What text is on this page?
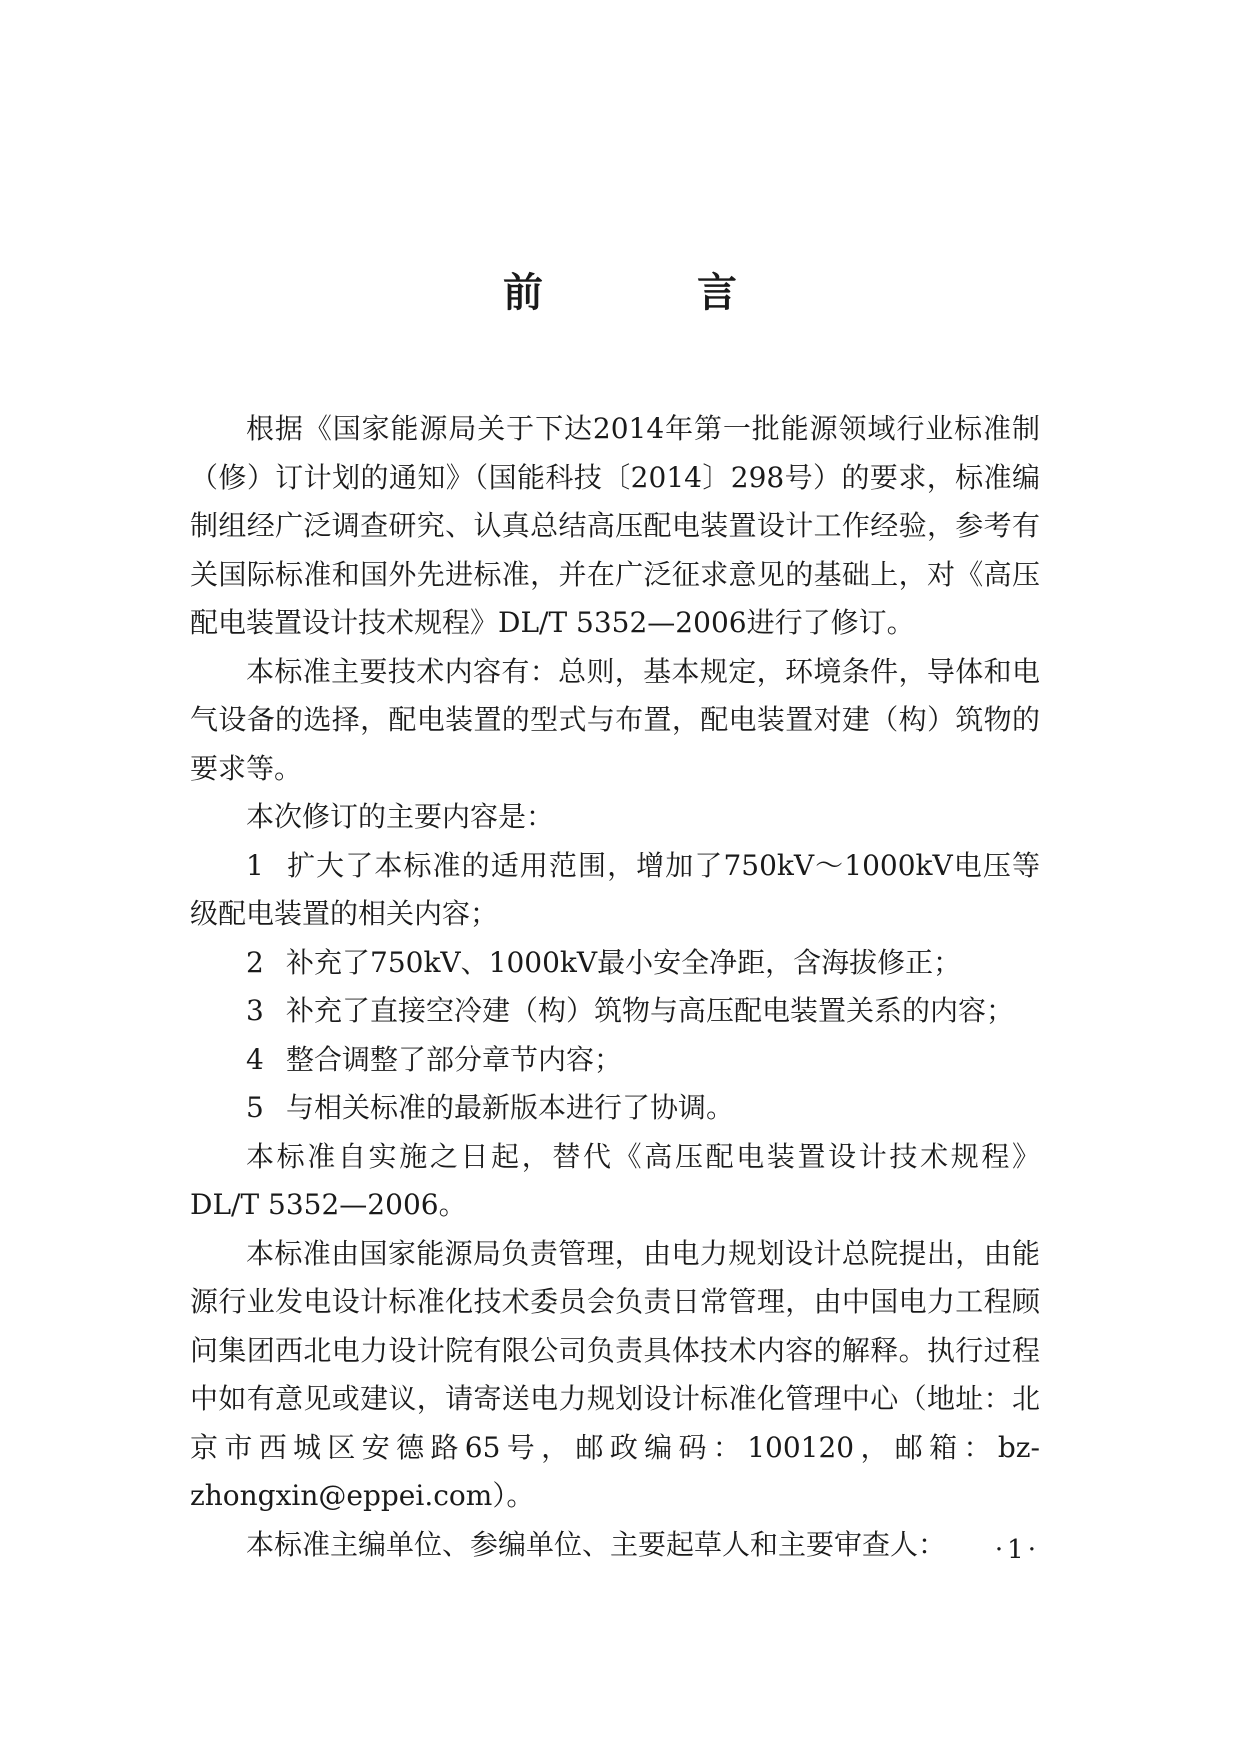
前 言

根据《国家能源局关于下达2014年第一批能源领域行业标准制（修）订计划的通知》（国能科技〔2014〕298号）的要求，标准编制组经广泛调查研究、认真总结高压配电装置设计工作经验，参考有关国际标准和国外先进标准，并在广泛征求意见的基础上，对《高压配电装置设计技术规程》DL/T 5352—2006进行了修订。

本标准主要技术内容有：总则，基本规定，环境条件，导体和电气设备的选择，配电装置的型式与布置，配电装置对建（构）筑物的要求等。

本次修订的主要内容是：

1 扩大了本标准的适用范围，增加了750kV～1000kV电压等级配电装置的相关内容；

2 补充了750kV、1000kV最小安全净距，含海拔修正；

3 补充了直接空冷建（构）筑物与高压配电装置关系的内容；

4 整合调整了部分章节内容；

5 与相关标准的最新版本进行了协调。

本标准自实施之日起，替代《高压配电装置设计技术规程》DL/T 5352—2006。

本标准由国家能源局负责管理，由电力规划设计总院提出，由能源行业发电设计标准化技术委员会负责日常管理，由中国电力工程顾问集团西北电力设计院有限公司负责具体技术内容的解释。执行过程中如有意见或建议，请寄送电力规划设计标准化管理中心（地址：北京市西城区安德路65号，邮政编码：100120，邮箱：bz-zhongxin@eppei.com）。

本标准主编单位、参编单位、主要起草人和主要审查人：	·1·
